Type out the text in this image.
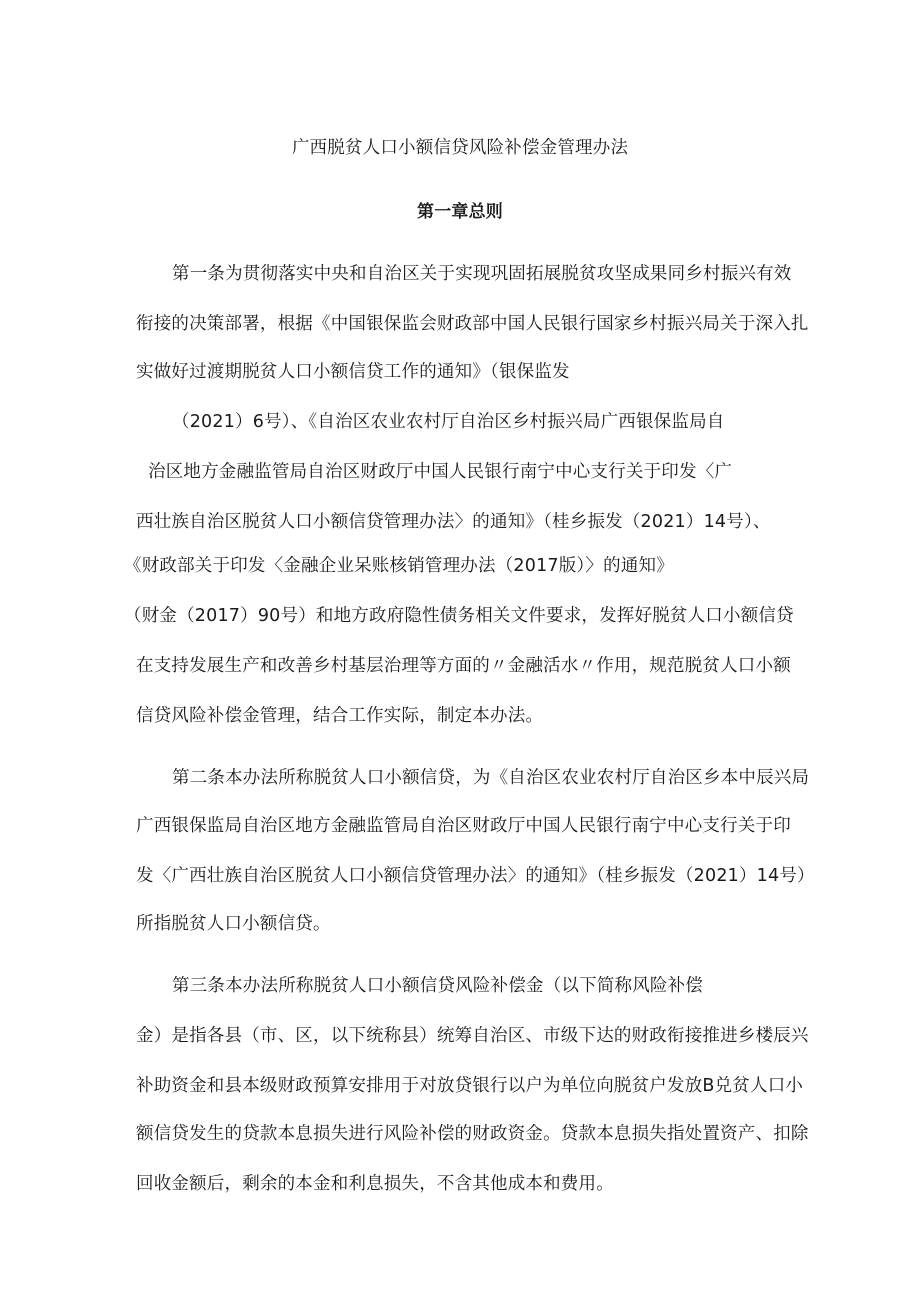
广西脱贫人口小额信贷风险补偿金管理办法
第一章总则
第一条为贯彻落实中央和自治区关于实现巩固拓展脱贫攻坚成果同乡村振兴有效
衔接的决策部署，根据《中国银保监会财政部中国人民银行国家乡村振兴局关于深入扎
实做好过渡期脱贫人口小额信贷工作的通知》（银保监发
（2021）6号）、《自治区农业农村厅自治区乡村振兴局广西银保监局自
治区地方金融监管局自治区财政厅中国人民银行南宁中心支行关于印发〈广
西壮族自治区脱贫人口小额信贷管理办法〉的通知》（桂乡振发（2021）14号）、
《财政部关于印发〈金融企业呆账核销管理办法（2017版）〉的通知》
（财金（2017）90号）和地方政府隐性债务相关文件要求，发挥好脱贫人口小额信贷
在支持发展生产和改善乡村基层治理等方面的〃金融活水〃作用，规范脱贫人口小额
信贷风险补偿金管理，结合工作实际，制定本办法。
第二条本办法所称脱贫人口小额信贷，为《自治区农业农村厅自治区乡本中辰兴局
广西银保监局自治区地方金融监管局自治区财政厅中国人民银行南宁中心支行关于印
发〈广西壮族自治区脱贫人口小额信贷管理办法〉的通知》（桂乡振发（2021）14号）
所指脱贫人口小额信贷。
第三条本办法所称脱贫人口小额信贷风险补偿金（以下简称风险补偿
金）是指各县（市、区，以下统称县）统筹自治区、市级下达的财政衔接推进乡楼辰兴
补助资金和县本级财政预算安排用于对放贷银行以户为单位向脱贫户发放B兑贫人口小
额信贷发生的贷款本息损失进行风险补偿的财政资金。贷款本息损失指处置资产、扣除
回收金额后，剩余的本金和利息损失，不含其他成本和费用。
